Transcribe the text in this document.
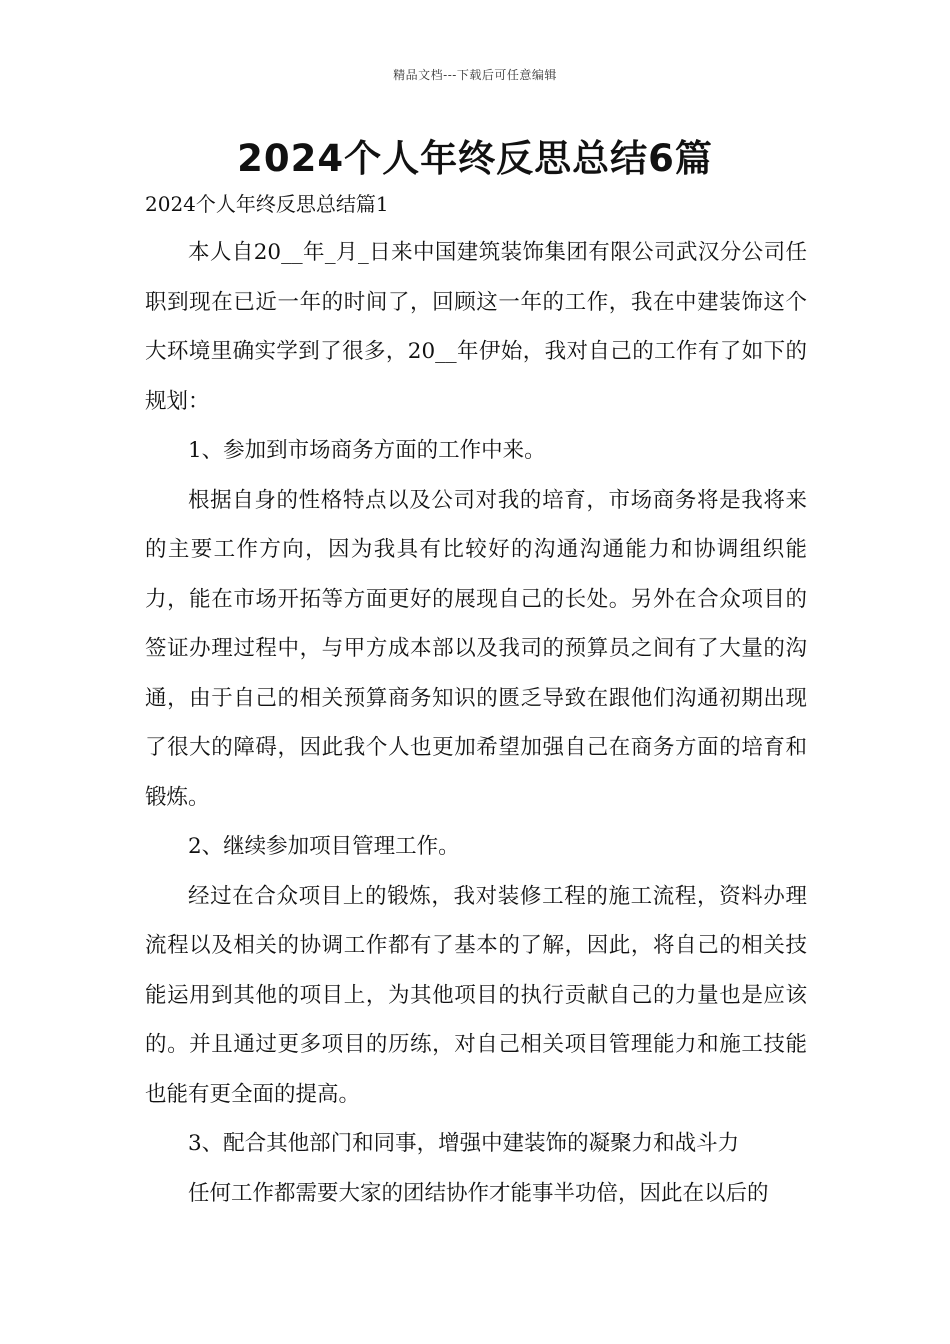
精品文档---下载后可任意编辑
2024个人年终反思总结6篇
2024个人年终反思总结篇1

本人自20__年_月_日来中国建筑装饰集团有限公司武汉分公司任职到现在已近一年的时间了，回顾这一年的工作，我在中建装饰这个大环境里确实学到了很多，20__年伊始，我对自己的工作有了如下的规划：

1、参加到市场商务方面的工作中来。

根据自身的性格特点以及公司对我的培育，市场商务将是我将来的主要工作方向，因为我具有比较好的沟通沟通能力和协调组织能力，能在市场开拓等方面更好的展现自己的长处。另外在合众项目的签证办理过程中，与甲方成本部以及我司的预算员之间有了大量的沟通，由于自己的相关预算商务知识的匮乏导致在跟他们沟通初期出现了很大的障碍，因此我个人也更加希望加强自己在商务方面的培育和锻炼。

2、继续参加项目管理工作。

经过在合众项目上的锻炼，我对装修工程的施工流程，资料办理流程以及相关的协调工作都有了基本的了解，因此，将自己的相关技能运用到其他的项目上，为其他项目的执行贡献自己的力量也是应该的。并且通过更多项目的历练，对自己相关项目管理能力和施工技能也能有更全面的提高。

3、配合其他部门和同事，增强中建装饰的凝聚力和战斗力

任何工作都需要大家的团结协作才能事半功倍，因此在以后的
